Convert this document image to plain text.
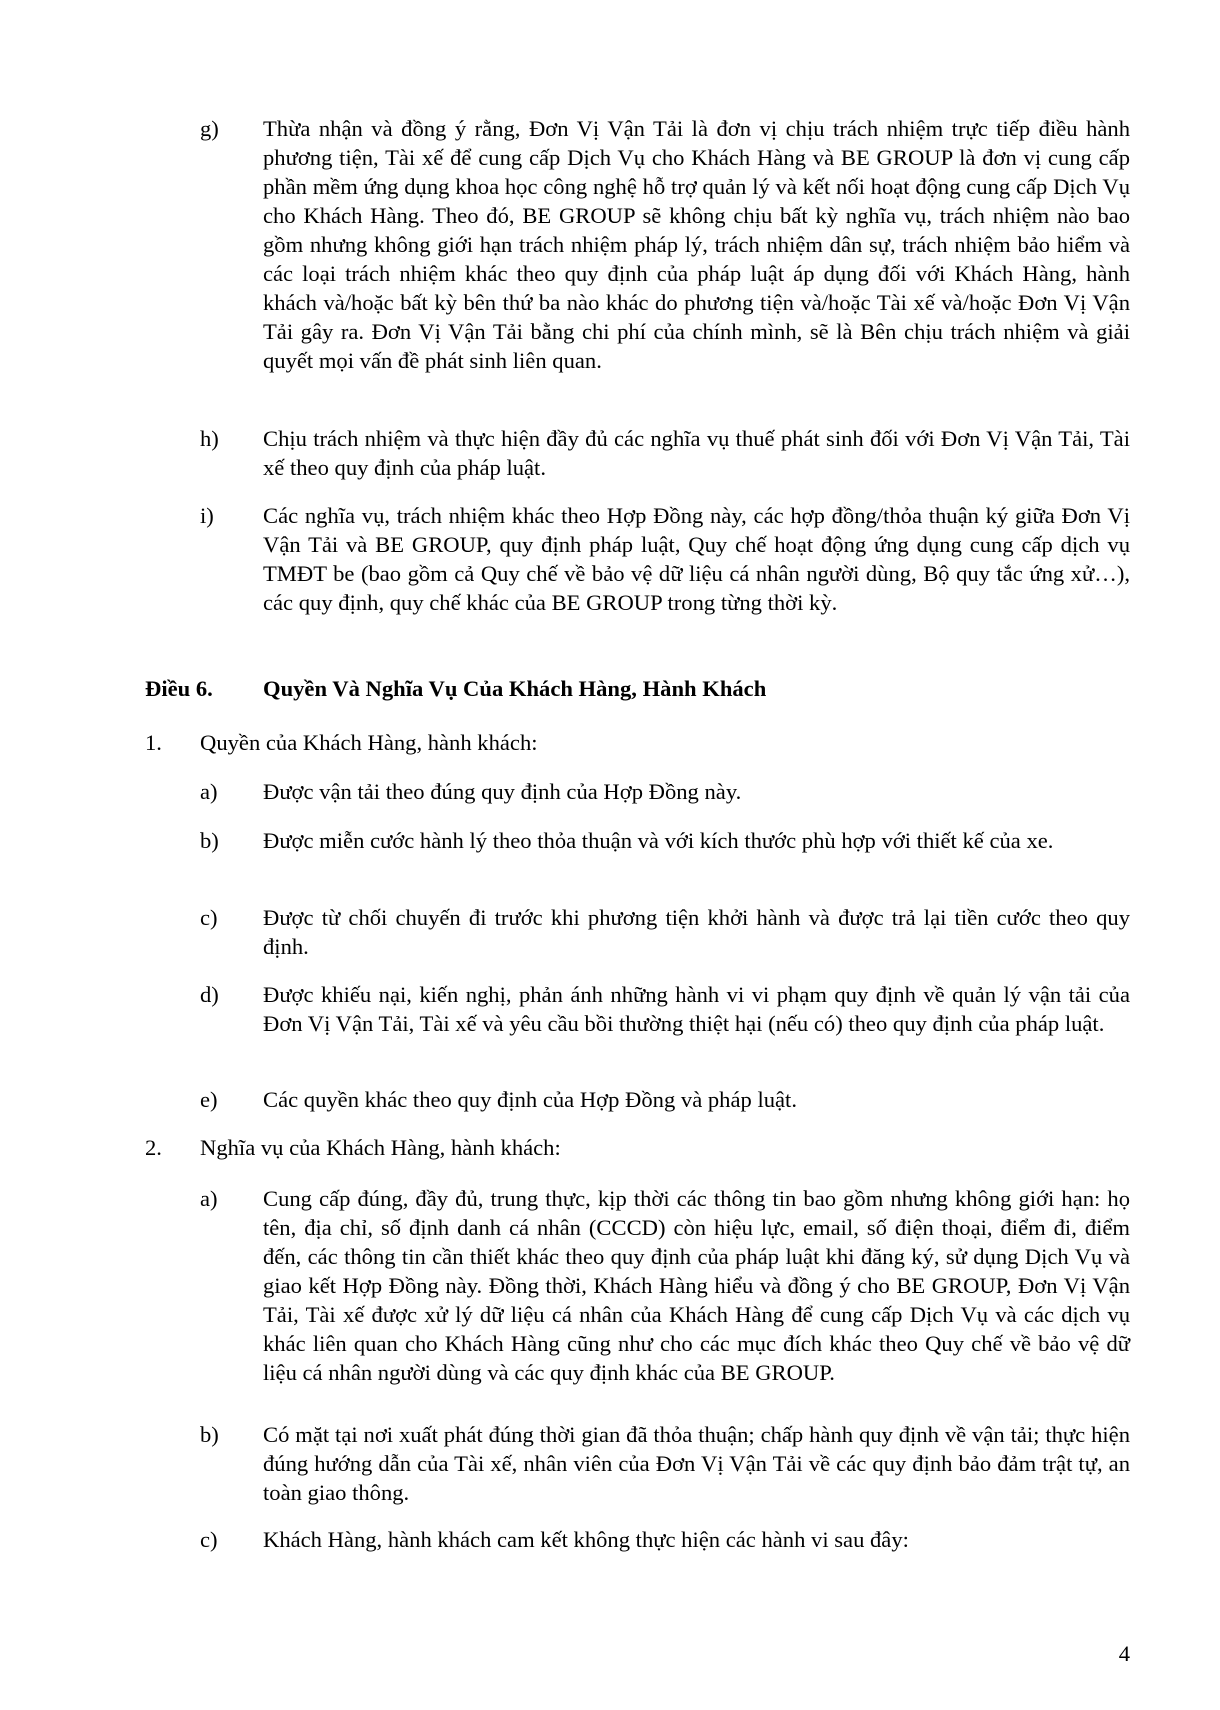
g) Thừa nhận và đồng ý rằng, Đơn Vị Vận Tải là đơn vị chịu trách nhiệm trực tiếp điều hành phương tiện, Tài xế để cung cấp Dịch Vụ cho Khách Hàng và BE GROUP là đơn vị cung cấp phần mềm ứng dụng khoa học công nghệ hỗ trợ quản lý và kết nối hoạt động cung cấp Dịch Vụ cho Khách Hàng. Theo đó, BE GROUP sẽ không chịu bất kỳ nghĩa vụ, trách nhiệm nào bao gồm nhưng không giới hạn trách nhiệm pháp lý, trách nhiệm dân sự, trách nhiệm bảo hiểm và các loại trách nhiệm khác theo quy định của pháp luật áp dụng đối với Khách Hàng, hành khách và/hoặc bất kỳ bên thứ ba nào khác do phương tiện và/hoặc Tài xế và/hoặc Đơn Vị Vận Tải gây ra. Đơn Vị Vận Tải bằng chi phí của chính mình, sẽ là Bên chịu trách nhiệm và giải quyết mọi vấn đề phát sinh liên quan.
h) Chịu trách nhiệm và thực hiện đầy đủ các nghĩa vụ thuế phát sinh đối với Đơn Vị Vận Tải, Tài xế theo quy định của pháp luật.
i) Các nghĩa vụ, trách nhiệm khác theo Hợp Đồng này, các hợp đồng/thỏa thuận ký giữa Đơn Vị Vận Tải và BE GROUP, quy định pháp luật, Quy chế hoạt động ứng dụng cung cấp dịch vụ TMĐT be (bao gồm cả Quy chế về bảo vệ dữ liệu cá nhân người dùng, Bộ quy tắc ứng xử…), các quy định, quy chế khác của BE GROUP trong từng thời kỳ.
Điều 6. Quyền Và Nghĩa Vụ Của Khách Hàng, Hành Khách
1. Quyền của Khách Hàng, hành khách:
a) Được vận tải theo đúng quy định của Hợp Đồng này.
b) Được miễn cước hành lý theo thỏa thuận và với kích thước phù hợp với thiết kế của xe.
c) Được từ chối chuyến đi trước khi phương tiện khởi hành và được trả lại tiền cước theo quy định.
d) Được khiếu nại, kiến nghị, phản ánh những hành vi vi phạm quy định về quản lý vận tải của Đơn Vị Vận Tải, Tài xế và yêu cầu bồi thường thiệt hại (nếu có) theo quy định của pháp luật.
e) Các quyền khác theo quy định của Hợp Đồng và pháp luật.
2. Nghĩa vụ của Khách Hàng, hành khách:
a) Cung cấp đúng, đầy đủ, trung thực, kịp thời các thông tin bao gồm nhưng không giới hạn: họ tên, địa chỉ, số định danh cá nhân (CCCD) còn hiệu lực, email, số điện thoại, điểm đi, điểm đến, các thông tin cần thiết khác theo quy định của pháp luật khi đăng ký, sử dụng Dịch Vụ và giao kết Hợp Đồng này. Đồng thời, Khách Hàng hiểu và đồng ý cho BE GROUP, Đơn Vị Vận Tải, Tài xế được xử lý dữ liệu cá nhân của Khách Hàng để cung cấp Dịch Vụ và các dịch vụ khác liên quan cho Khách Hàng cũng như cho các mục đích khác theo Quy chế về bảo vệ dữ liệu cá nhân người dùng và các quy định khác của BE GROUP.
b) Có mặt tại nơi xuất phát đúng thời gian đã thỏa thuận; chấp hành quy định về vận tải; thực hiện đúng hướng dẫn của Tài xế, nhân viên của Đơn Vị Vận Tải về các quy định bảo đảm trật tự, an toàn giao thông.
c) Khách Hàng, hành khách cam kết không thực hiện các hành vi sau đây:
4
